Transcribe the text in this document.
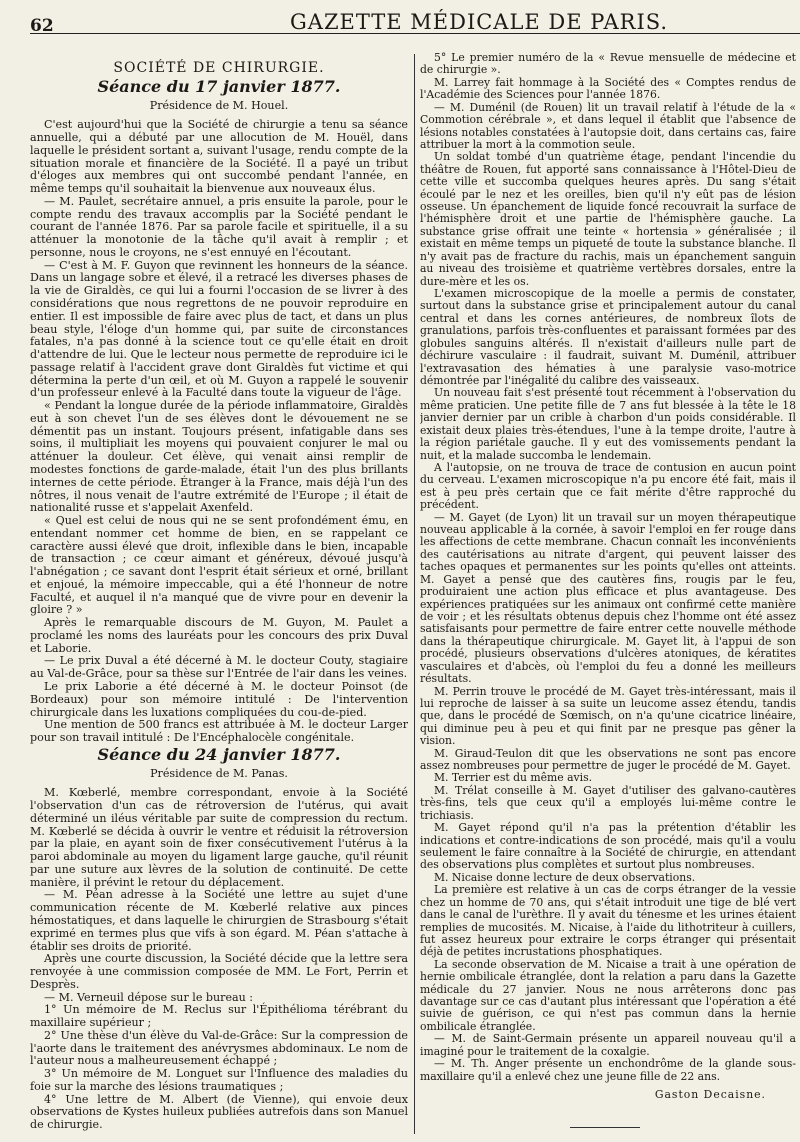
62	GAZETTE MÉDICALE DE PARIS.
SOCIÉTÉ DE CHIRURGIE.
Séance du 17 janvier 1877.
Présidence de M. Houel.

C'est aujourd'hui que la Société de chirurgie a tenu sa séance annuelle, qui a débuté par une allocution de M. Houël, dans laquelle le président sortant a, suivant l'usage, rendu compte de la situation morale et financière de la Société. Il a payé un tribut d'éloges aux membres qui ont succombé pendant l'année, en même temps qu'il souhaitait la bienvenue aux nouveaux élus.

— M. Paulet, secrétaire annuel, a pris ensuite la parole, pour le compte rendu des travaux accomplis par la Société pendant le courant de l'année 1876. Par sa parole facile et spirituelle, il a su atténuer la monotonie de la tâche qu'il avait à remplir ; et personne, nous le croyons, ne s'est ennuyé en l'écoutant.

— C'est à M. F. Guyon que revinnent les honneurs de la séance. Dans un langage sobre et élevé, il a retracé les diverses phases de la vie de Giraldès, ce qui lui a fourni l'occasion de se livrer à des considérations que nous regrettons de ne pouvoir reproduire en entier. Il est impossible de faire avec plus de tact, et dans un plus beau style, l'éloge d'un homme qui, par suite de circonstances fatales, n'a pas donné à la science tout ce qu'elle était en droit d'attendre de lui. Que le lecteur nous permette de reproduire ici le passage relatif à l'accident grave dont Giraldès fut victime et qui détermina la perte d'un œil, et où M. Guyon a rappelé le souvenir d'un professeur enlevé à la Faculté dans toute la vigueur de l'âge.

« Pendant la longue durée de la période inflammatoire, Giraldès eut à son chevet l'un de ses élèves dont le dévouement ne se démentit pas un instant. Toujours présent, infatigable dans ses soins, il multipliait les moyens qui pouvaient conjurer le mal ou atténuer la douleur. Cet élève, qui venait ainsi remplir de modestes fonctions de garde-malade, était l'un des plus brillants internes de cette période. Étranger à la France, mais déjà l'un des nôtres, il nous venait de l'autre extrémité de l'Europe ; il était de nationalité russe et s'appelait Axenfeld.

« Quel est celui de nous qui ne se sent profondément ému, en entendant nommer cet homme de bien, en se rappelant ce caractère aussi élevé que droit, inflexible dans le bien, incapable de transaction ; ce cœur aimant et généreux, dévoué jusqu'à l'abnégation ; ce savant dont l'esprit était sérieux et orné, brillant et enjoué, la mémoire impeccable, qui a été l'honneur de notre Faculté, et auquel il n'a manqué que de vivre pour en devenir la gloire ? »

Après le remarquable discours de M. Guyon, M. Paulet a proclamé les noms des lauréats pour les concours des prix Duval et Laborie.

— Le prix Duval a été décerné à M. le docteur Couty, stagiaire au Val-de-Grâce, pour sa thèse sur l'Entrée de l'air dans les veines.

Le prix Laborie a été décerné à M. le docteur Poinsot (de Bordeaux) pour son mémoire intitulé : De l'intervention chirurgicale dans les luxations compliquées du cou-de-pied.

Une mention de 500 francs est attribuée à M. le docteur Larger pour son travail intitulé : De l'Encéphalocèle congénitale.

Séance du 24 janvier 1877.
Présidence de M. Panas.

M. Kœberlé, membre correspondant, envoie à la Société l'observation d'un cas de rétroversion de l'utérus, qui avait déterminé un iléus véritable par suite de compression du rectum. M. Kœberlé se décida à ouvrir le ventre et réduisit la rétroversion par la plaie, en ayant soin de fixer consécutivement l'utérus à la paroi abdominale au moyen du ligament large gauche, qu'il réunit par une suture aux lèvres de la solution de continuité. De cette manière, il prévint le retour du déplacement.

— M. Péan adresse à la Société une lettre au sujet d'une communication récente de M. Kœberlé relative aux pinces hémostatiques, et dans laquelle le chirurgien de Strasbourg s'était exprimé en termes plus que vifs à son égard. M. Péan s'attache à établir ses droits de priorité.

Après une courte discussion, la Société décide que la lettre sera renvoyée à une commission composée de MM. Le Fort, Perrin et Desprès.

— M. Verneuil dépose sur le bureau :

1° Un mémoire de M. Reclus sur l'Épithélioma térébrant du maxillaire supérieur ;

2° Une thèse d'un élève du Val-de-Grâce: Sur la compression de l'aorte dans le traitement des anévrysmes abdominaux. Le nom de l'auteur nous a malheureusement échappé ;

3° Un mémoire de M. Longuet sur l'Influence des maladies du foie sur la marche des lésions traumatiques ;

4° Une lettre de M. Albert (de Vienne), qui envoie deux observations de Kystes huileux publiées autrefois dans son Manuel de chirurgie.

5° Le premier numéro de la « Revue mensuelle de médecine et de chirurgie ».

M. Larrey fait hommage à la Société des « Comptes rendus de l'Académie des Sciences pour l'année 1876.

— M. Duménil (de Rouen) lit un travail relatif à l'étude de la « Commotion cérébrale », et dans lequel il établit que l'absence de lésions notables constatées à l'autopsie doit, dans certains cas, faire attribuer la mort à la commotion seule.

Un soldat tombé d'un quatrième étage, pendant l'incendie du théâtre de Rouen, fut apporté sans connaissance à l'Hôtel-Dieu de cette ville et succomba quelques heures après. Du sang s'était écoulé par le nez et les oreilles, bien qu'il n'y eût pas de lésion osseuse. Un épanchement de liquide foncé recouvrait la surface de l'hémisphère droit et une partie de l'hémisphère gauche. La substance grise offrait une teinte « hortensia » généralisée ; il existait en même temps un piqueté de toute la substance blanche. Il n'y avait pas de fracture du rachis, mais un épanchement sanguin au niveau des troisième et quatrième vertèbres dorsales, entre la dure-mère et les os.

L'examen microscopique de la moelle a permis de constater, surtout dans la substance grise et principalement autour du canal central et dans les cornes antérieures, de nombreux îlots de granulations, parfois très-confluentes et paraissant formées par des globules sanguins altérés. Il n'existait d'ailleurs nulle part de déchirure vasculaire : il faudrait, suivant M. Duménil, attribuer l'extravasation des hématies à une paralysie vaso-motrice démontrée par l'inégalité du calibre des vaisseaux.

Un nouveau fait s'est présenté tout récemment à l'observation du même praticien. Une petite fille de 7 ans fut blessée à la tête le 18 janvier dernier par un crible à charbon d'un poids considérable. Il existait deux plaies très-étendues, l'une à la tempe droite, l'autre à la région pariétale gauche. Il y eut des vomissements pendant la nuit, et la malade succomba le lendemain.

A l'autopsie, on ne trouva de trace de contusion en aucun point du cerveau. L'examen microscopique n'a pu encore été fait, mais il est à peu près certain que ce fait mérite d'être rapproché du précédent.

— M. Gayet (de Lyon) lit un travail sur un moyen thérapeutique nouveau applicable à la cornée, à savoir l'emploi en fer rouge dans les affections de cette membrane. Chacun connaît les inconvénients des cautérisations au nitrate d'argent, qui peuvent laisser des taches opaques et permanentes sur les points qu'elles ont atteints. M. Gayet a pensé que des cautères fins, rougis par le feu, produiraient une action plus efficace et plus avantageuse. Des expériences pratiquées sur les animaux ont confirmé cette manière de voir ; et les résultats obtenus depuis chez l'homme ont été assez satisfaisants pour permettre de faire entrer cette nouvelle méthode dans la thérapeutique chirurgicale. M. Gayet lit, à l'appui de son procédé, plusieurs observations d'ulcères atoniques, de kératites vasculaires et d'abcès, où l'emploi du feu a donné les meilleurs résultats.

M. Perrin trouve le procédé de M. Gayet très-intéressant, mais il lui reproche de laisser à sa suite un leucome assez étendu, tandis que, dans le procédé de Sœmisch, on n'a qu'une cicatrice linéaire, qui diminue peu à peu et qui finit par ne presque pas gêner la vision.

M. Giraud-Teulon dit que les observations ne sont pas encore assez nombreuses pour permettre de juger le procédé de M. Gayet.

M. Terrier est du même avis.

M. Trélat conseille à M. Gayet d'utiliser des galvano-cautères très-fins, tels que ceux qu'il a employés lui-même contre le trichiasis.

M. Gayet répond qu'il n'a pas la prétention d'établir les indications et contre-indications de son procédé, mais qu'il a voulu seulement le faire connaître à la Société de chirurgie, en attendant des observations plus complètes et surtout plus nombreuses.

M. Nicaise donne lecture de deux observations.

La première est relative à un cas de corps étranger de la vessie chez un homme de 70 ans, qui s'était introduit une tige de blé vert dans le canal de l'urèthre. Il y avait du ténesme et les urines étaient remplies de mucosités. M. Nicaise, à l'aide du lithotriteur à cuillers, fut assez heureux pour extraire le corps étranger qui présentait déjà de petites incrustations phosphatiques.

La seconde observation de M. Nicaise a trait à une opération de hernie ombilicale étranglée, dont la relation a paru dans la Gazette médicale du 27 janvier. Nous ne nous arrêterons donc pas davantage sur ce cas d'autant plus intéressant que l'opération a été suivie de guérison, ce qui n'est pas commun dans la hernie ombilicale étranglée.

— M. de Saint-Germain présente un appareil nouveau qu'il a imaginé pour le traitement de la coxalgie.

— M. Th. Anger présente un enchondrôme de la glande sous-maxillaire qu'il a enlevé chez une jeune fille de 22 ans.

Gaston Decaisne.
